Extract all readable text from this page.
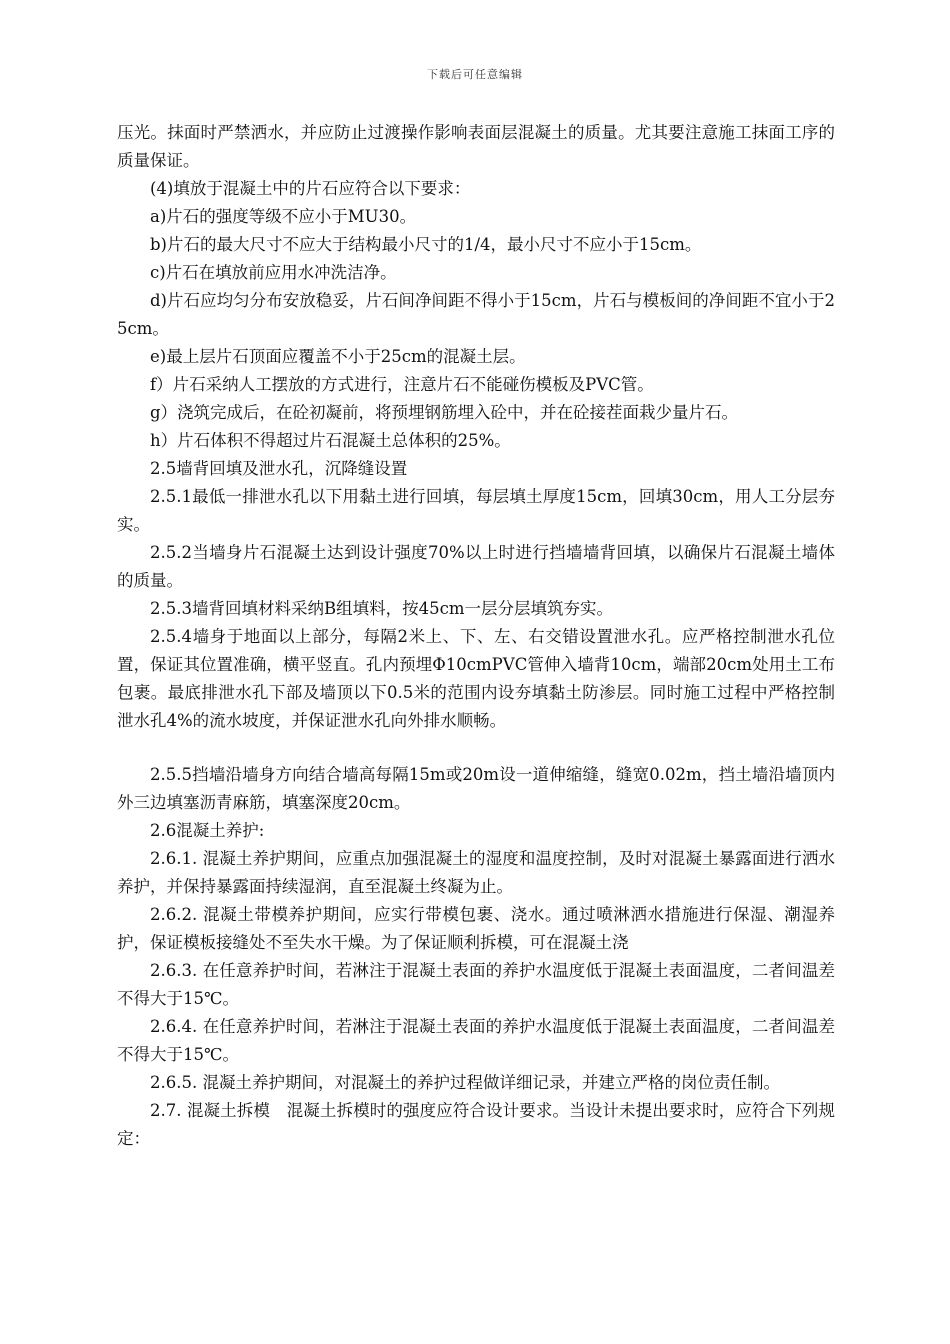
下载后可任意编辑

压光。抹面时严禁洒水，并应防止过渡操作影响表面层混凝土的质量。尤其要注意施工抹面工序的质量保证。

(4)填放于混凝土中的片石应符合以下要求：

a)片石的强度等级不应小于MU30。

b)片石的最大尺寸不应大于结构最小尺寸的1/4，最小尺寸不应小于15cm。

c)片石在填放前应用水冲洗洁净。

d)片石应均匀分布安放稳妥，片石间净间距不得小于15cm，片石与模板间的净间距不宜小于25cm。

e)最上层片石顶面应覆盖不小于25cm的混凝土层。

f）片石采纳人工摆放的方式进行，注意片石不能碰伤模板及PVC管。

g）浇筑完成后，在砼初凝前，将预埋钢筋埋入砼中，并在砼接茬面栽少量片石。

h）片石体积不得超过片石混凝土总体积的25%。

2.5墙背回填及泄水孔，沉降缝设置

2.5.1最低一排泄水孔以下用黏土进行回填，每层填土厚度15cm，回填30cm，用人工分层夯实。

2.5.2当墙身片石混凝土达到设计强度70%以上时进行挡墙墙背回填，以确保片石混凝土墙体的质量。

2.5.3墙背回填材料采纳B组填料，按45cm一层分层填筑夯实。

2.5.4墙身于地面以上部分，每隔2米上、下、左、右交错设置泄水孔。应严格控制泄水孔位置，保证其位置准确，横平竖直。孔内预埋Φ10cmPVC管伸入墙背10cm，端部20cm处用土工布包裹。最底排泄水孔下部及墙顶以下0.5米的范围内设夯填黏土防渗层。同时施工过程中严格控制泄水孔4%的流水坡度，并保证泄水孔向外排水顺畅。

2.5.5挡墙沿墙身方向结合墙高每隔15m或20m设一道伸缩缝，缝宽0.02m，挡土墙沿墙顶内外三边填塞沥青麻筋，填塞深度20cm。

2.6混凝土养护:

2.6.1. 混凝土养护期间，应重点加强混凝土的湿度和温度控制，及时对混凝土暴露面进行洒水养护，并保持暴露面持续湿润，直至混凝土终凝为止。

2.6.2. 混凝土带模养护期间，应实行带模包裹、浇水。通过喷淋洒水措施进行保湿、潮湿养护，保证模板接缝处不至失水干燥。为了保证顺利拆模，可在混凝土浇

2.6.3. 在任意养护时间，若淋注于混凝土表面的养护水温度低于混凝土表面温度，二者间温差不得大于15℃。

2.6.4. 在任意养护时间，若淋注于混凝土表面的养护水温度低于混凝土表面温度，二者间温差不得大于15℃。

2.6.5. 混凝土养护期间，对混凝土的养护过程做详细记录，并建立严格的岗位责任制。

2.7. 混凝土拆模　混凝土拆模时的强度应符合设计要求。当设计未提出要求时，应符合下列规定：
